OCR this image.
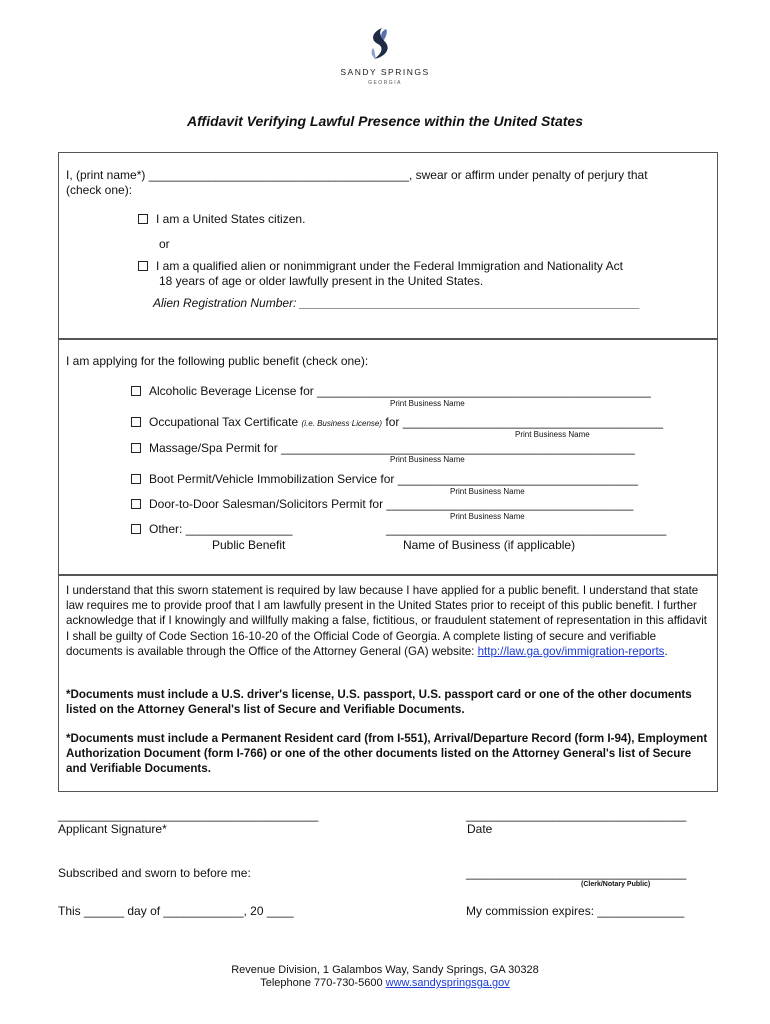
SANDY SPRINGS
GEORGIA
Affidavit Verifying Lawful Presence within the United States
I, (print name*) _______________________________________, swear or affirm under penalty of perjury that
(check one):
I am a United States citizen.
or
I am a qualified alien or nonimmigrant under the Federal Immigration and Nationality Act
18 years of age or older lawfully present in the United States.
Alien Registration Number: ___________________________________________________
I am applying for the following public benefit (check one):
Alcoholic Beverage License for __________________________________________________
Print Business Name
Occupational Tax Certificate (i.e. Business License) for _______________________________________
Print Business Name
Massage/Spa Permit for _____________________________________________________
Print Business Name
Boot Permit/Vehicle Immobilization Service for ____________________________________
Print Business Name
Door-to-Door Salesman/Solicitors Permit for _____________________________________
Print Business Name
Other: ________________	__________________________________________
Public Benefit	Name of Business (if applicable)
I understand that this sworn statement is required by law because I have applied for a public benefit. I understand that state law requires me to provide proof that I am lawfully present in the United States prior to receipt of this public benefit. I further acknowledge that if I knowingly and willfully making a false, fictitious, or fraudulent statement of representation in this affidavit I shall be guilty of Code Section 16-10-20 of the Official Code of Georgia. A complete listing of secure and verifiable documents is available through the Office of the Attorney General (GA) website: http://law.ga.gov/immigration-reports.
*Documents must include a U.S. driver's license, U.S. passport, U.S. passport card or one of the other documents listed on the Attorney General's list of Secure and Verifiable Documents.
*Documents must include a Permanent Resident card (from I-551), Arrival/Departure Record (form I-94), Employment Authorization Document (form I-766) or one of the other documents listed on the Attorney General's list of Secure and Verifiable Documents.
_______________________________________
Applicant Signature*
_________________________________
Date
Subscribed and sworn to before me:	_________________________________
(Clerk/Notary Public)
This ______ day of ____________, 20 ____	My commission expires: _____________
Revenue Division, 1 Galambos Way, Sandy Springs, GA 30328
Telephone 770-730-5600 www.sandyspringsga.gov
